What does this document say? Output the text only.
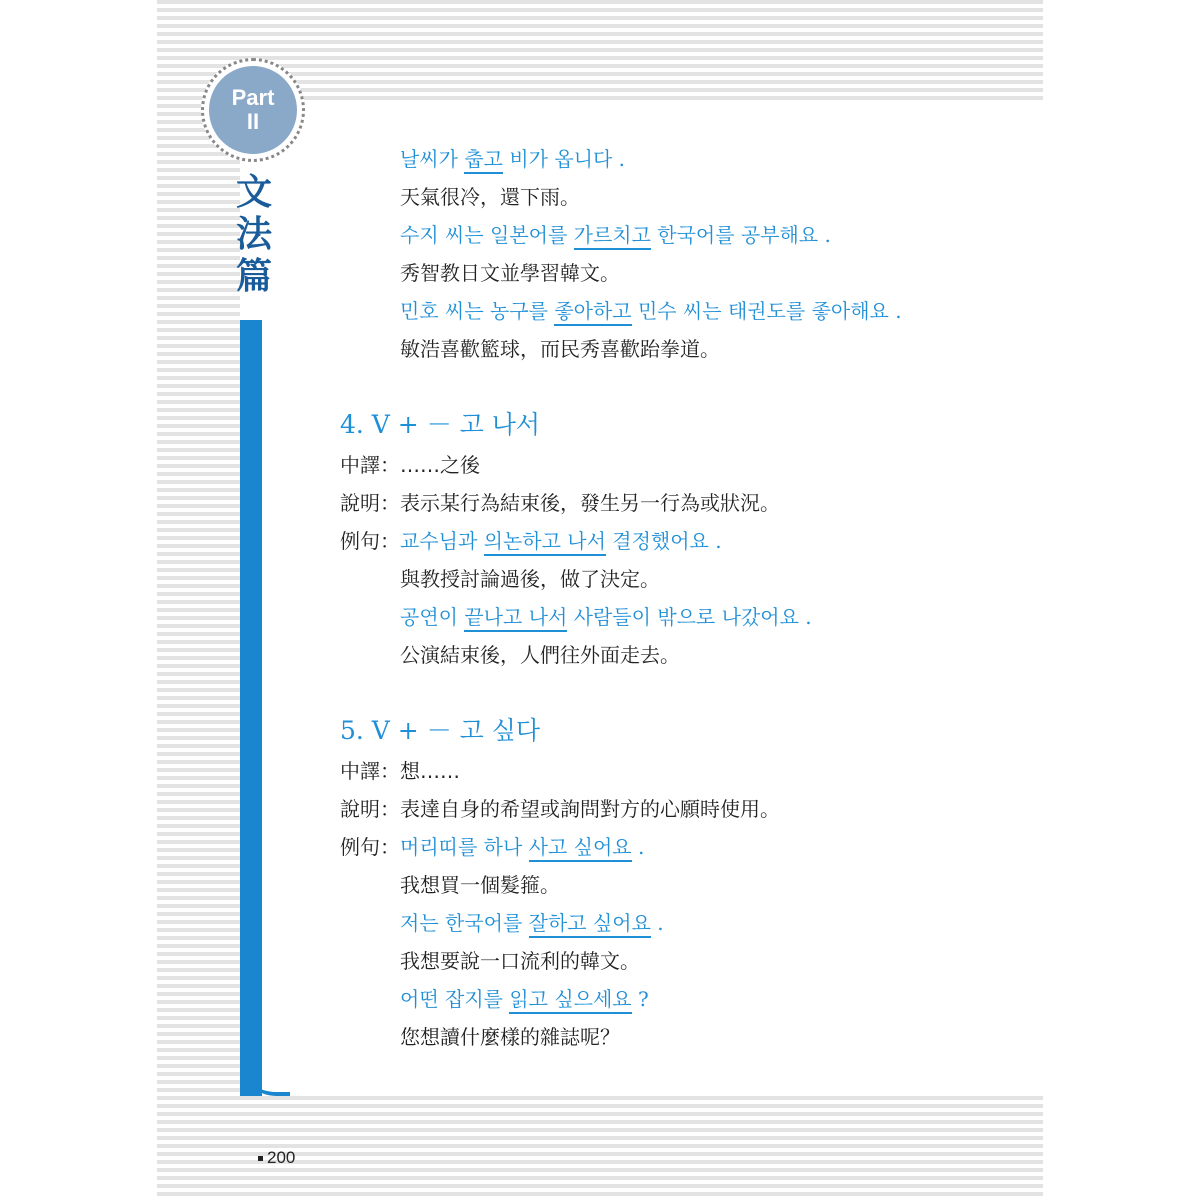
Part
II
文
法
篇
날씨가 춥고 비가 옵니다 .
天氣很冷，還下雨。
수지 씨는 일본어를 가르치고 한국어를 공부해요 .
秀智教日文並學習韓文。
민호 씨는 농구를 좋아하고 민수 씨는 태권도를 좋아해요 .
敏浩喜歡籃球，而民秀喜歡跆拳道。
4. V + － 고 나서
中譯：……之後
說明：表示某行為結束後，發生另一行為或狀況。
例句： 교수님과 의논하고 나서 결정했어요 .
與教授討論過後，做了決定。
공연이 끝나고 나서 사람들이 밖으로 나갔어요 .
公演結束後，人們往外面走去。
5. V + － 고 싶다
中譯：想……
說明：表達自身的希望或詢問對方的心願時使用。
例句： 머리띠를 하나 사고 싶어요 .
我想買一個髮箍。
저는 한국어를 잘하고 싶어요 .
我想要說一口流利的韓文。
어떤 잡지를 읽고 싶으세요 ?
您想讀什麼樣的雜誌呢？
200
